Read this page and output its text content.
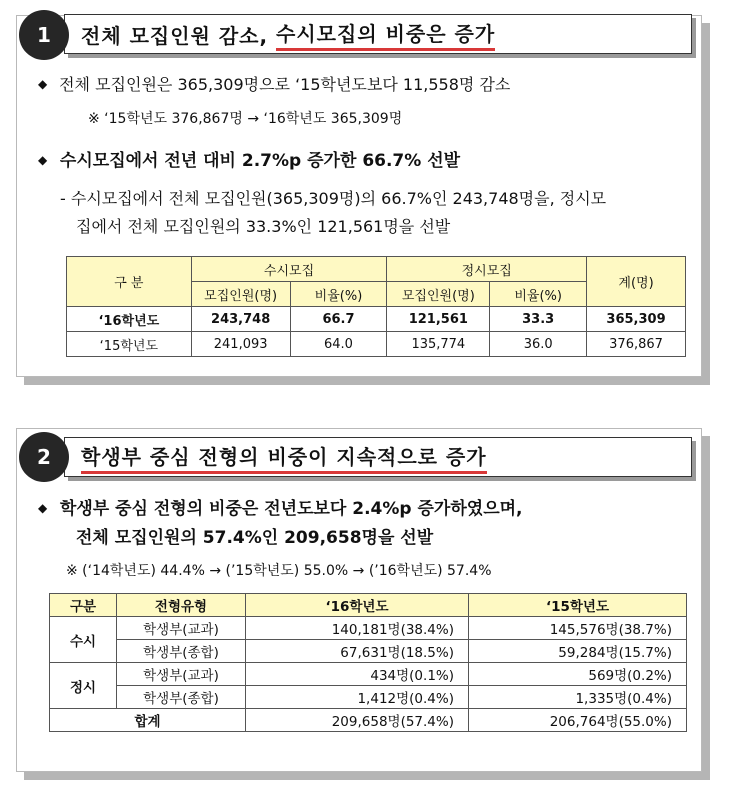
전체 모집인원 감소, 수시모집의 비중은 증가
1
◆ 전체 모집인원은 365,309명으로 ‘15학년도보다 11,558명 감소
※ ‘15학년도 376,867명 → ‘16학년도 365,309명
◆ 수시모집에서 전년 대비 2.7%p 증가한 66.7% 선발
- 수시모집에서 전체 모집인원(365,309명)의 66.7%인 243,748명을, 정시모
집에서 전체 모집인원의 33.3%인 121,561명을 선발
구 분	수시모집		정시모집		계(명)
	모집인원(명)	비율(%)	모집인원(명)	비율(%)	
‘16학년도	243,748	66.7	121,561	33.3	365,309
‘15학년도	241,093	64.0	135,774	36.0	376,867
학생부 중심 전형의 비중이 지속적으로 증가
2
◆ 학생부 중심 전형의 비중은 전년도보다 2.4%p 증가하였으며,
전체 모집인원의 57.4%인 209,658명을 선발
※ (‘14학년도) 44.4% → (’15학년도) 55.0% → (’16학년도) 57.4%
구분	전형유형	‘16학년도	‘15학년도
수시	학생부(교과)	140,181명(38.4%)	145,576명(38.7%)
	학생부(종합)	67,631명(18.5%)	59,284명(15.7%)
정시	학생부(교과)	434명(0.1%)	569명(0.2%)
	학생부(종합)	1,412명(0.4%)	1,335명(0.4%)
합계		209,658명(57.4%)	206,764명(55.0%)
